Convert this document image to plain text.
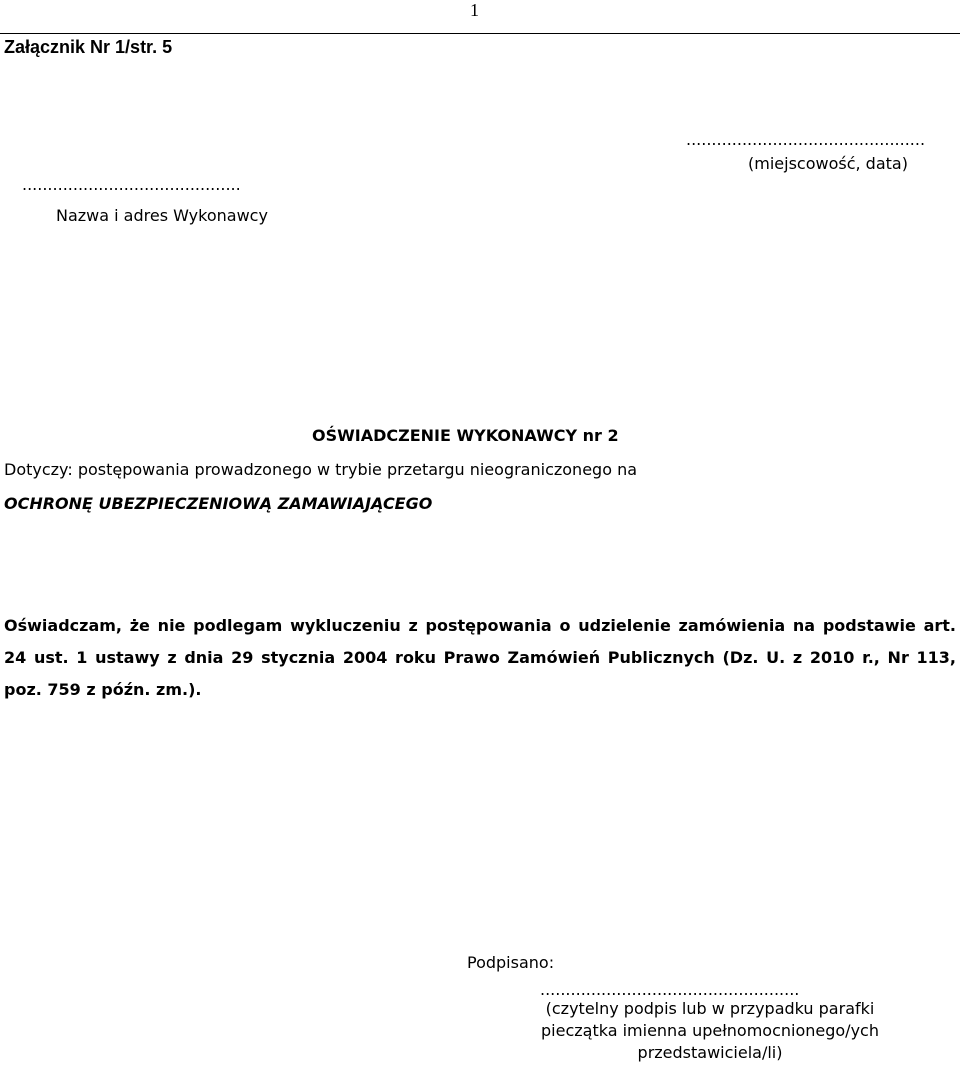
1
Załącznik Nr 1/str. 5
...............................................
(miejscowość, data)
...........................................
Nazwa i adres Wykonawcy
OŚWIADCZENIE WYKONAWCY nr 2
Dotyczy: postępowania prowadzonego w trybie przetargu nieograniczonego na
OCHRONĘ UBEZPIECZENIOWĄ ZAMAWIAJĄCEGO
Oświadczam, że nie podlegam wykluczeniu z postępowania o udzielenie zamówienia na podstawie art. 24 ust. 1 ustawy z dnia 29 stycznia 2004 roku Prawo Zamówień Publicznych (Dz. U. z 2010 r., Nr 113, poz. 759 z późn. zm.).
Podpisano:
...................................................
(czytelny podpis lub w przypadku parafki pieczątka imienna upełnomocnionego/ych przedstawiciela/li)
